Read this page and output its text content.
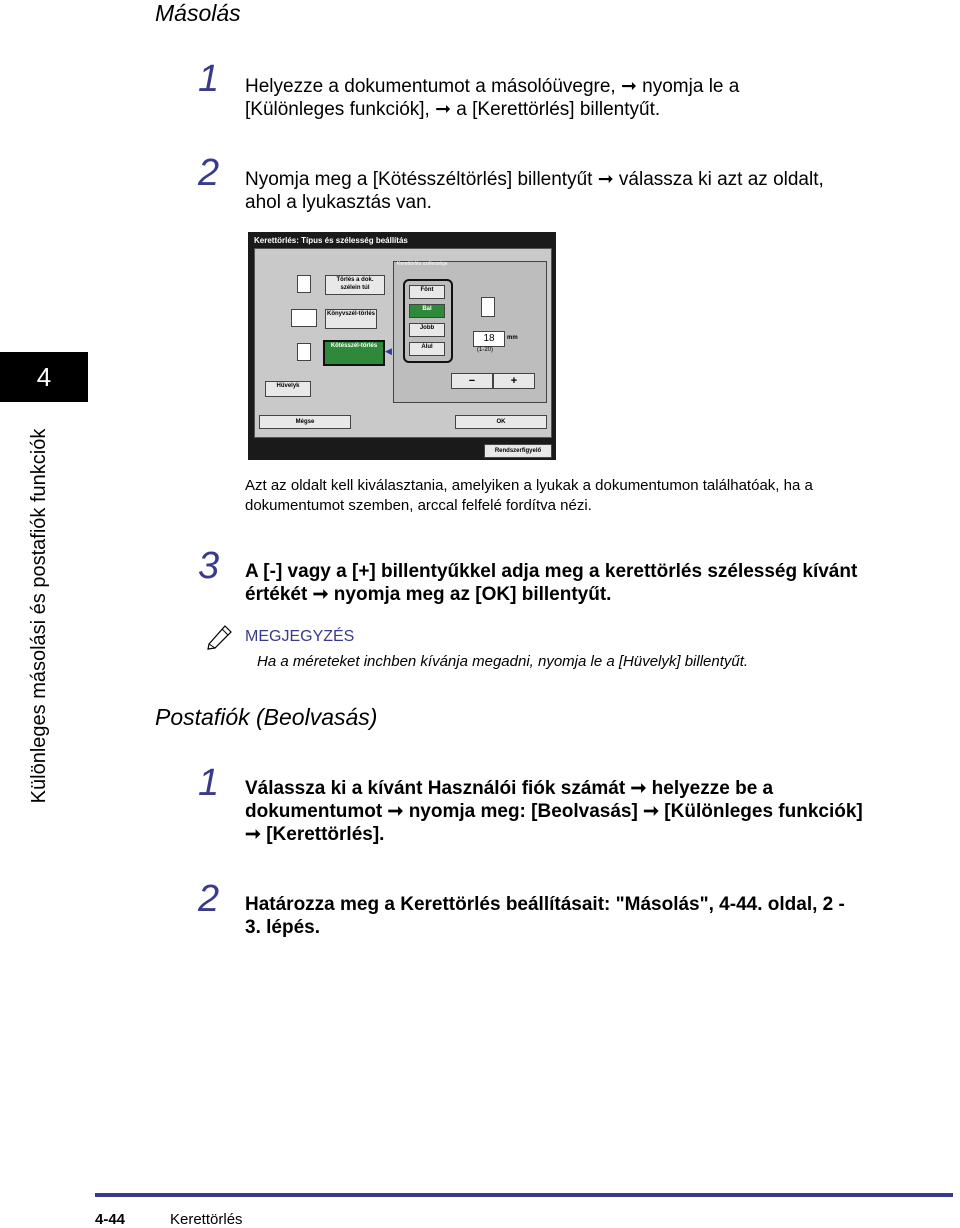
Másolás
1 Helyezze a dokumentumot a másolóüvegre, ➞ nyomja le a
[Különleges funkciók], ➞ a [Kerettörlés] billentyűt.
2 Nyomja meg a [Kötésszéltörlés] billentyűt ➞ válassza ki azt az oldalt,
ahol a lyukasztás van.
4
Különleges másolási és postafiók funkciók
Kerettörlés: Típus és szélesség beállítás
Törlés a dok. szélein túl
Könyvszél-törlés
Kötésszél-törlés ◀
Hüvelyk
Kerettörlés szélessége
Fönt
Bal
Jobb
Alul
18	mm
(1-20)
−	+
Mégse	OK
Rendszerfigyelő
Azt az oldalt kell kiválasztania, amelyiken a lyukak a dokumentumon találhatóak, ha a
dokumentumot szemben, arccal felfelé fordítva nézi.
3 A [-] vagy a [+] billentyűkkel adja meg a kerettörlés szélesség kívánt
értékét ➞ nyomja meg az [OK] billentyűt.
MEGJEGYZÉS
Ha a méreteket inchben kívánja megadni, nyomja le a [Hüvelyk] billentyűt.
Postafiók (Beolvasás)
1 Válassza ki a kívánt Használói fiók számát ➞ helyezze be a
dokumentumot ➞ nyomja meg: [Beolvasás] ➞ [Különleges funkciók]
➞ [Kerettörlés].
2 Határozza meg a Kerettörlés beállításait: "Másolás", 4-44. oldal, 2 -
3. lépés.
4-44	Kerettörlés
